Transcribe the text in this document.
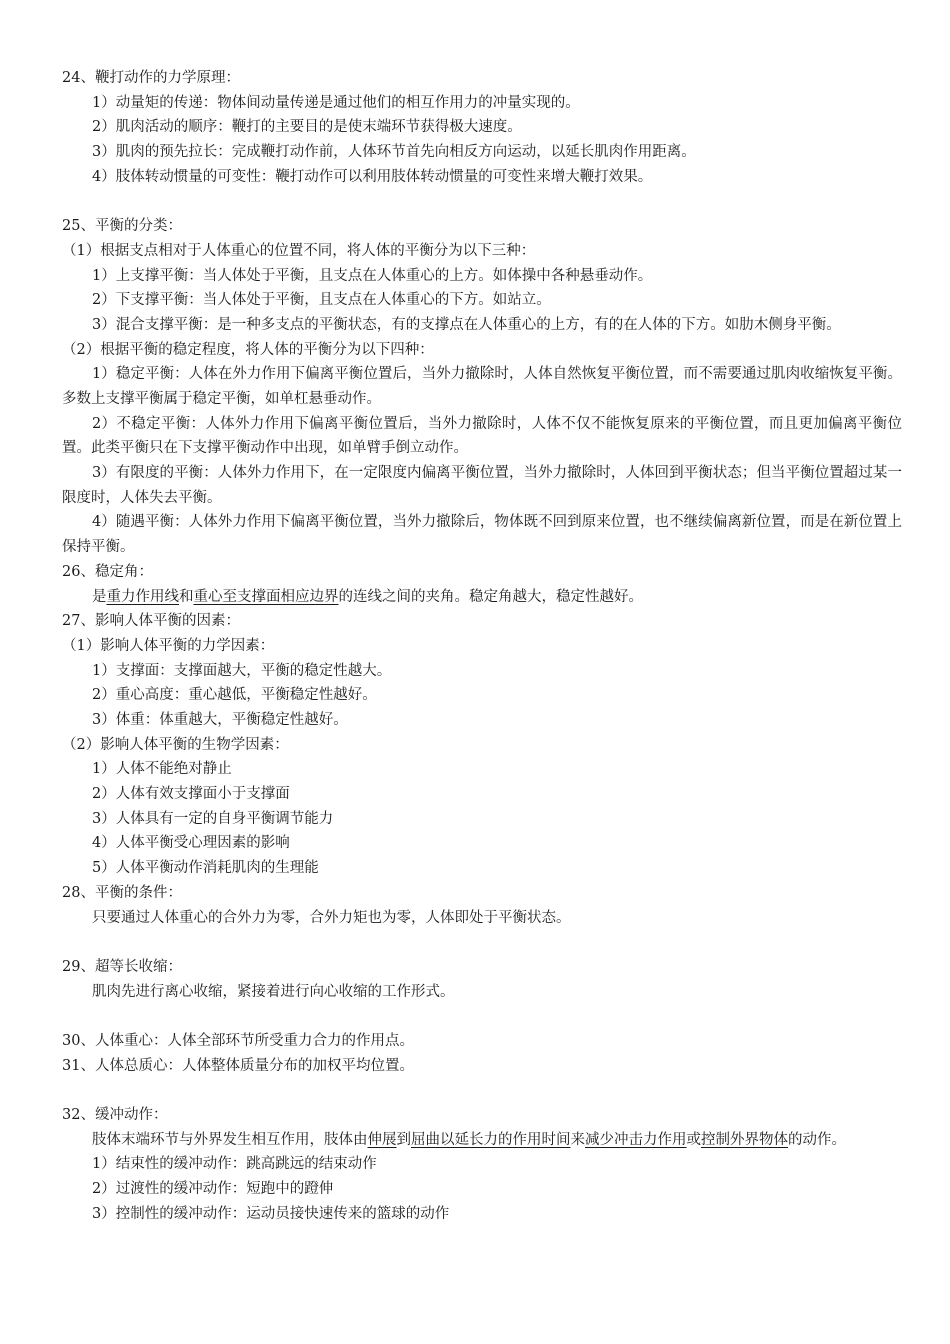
24、鞭打动作的力学原理：
1）动量矩的传递：物体间动量传递是通过他们的相互作用力的冲量实现的。
2）肌肉活动的顺序：鞭打的主要目的是使末端环节获得极大速度。
3）肌肉的预先拉长：完成鞭打动作前，人体环节首先向相反方向运动，以延长肌肉作用距离。
4）肢体转动惯量的可变性：鞭打动作可以利用肢体转动惯量的可变性来增大鞭打效果。
25、平衡的分类：
（1）根据支点相对于人体重心的位置不同，将人体的平衡分为以下三种：
1）上支撑平衡：当人体处于平衡，且支点在人体重心的上方。如体操中各种悬垂动作。
2）下支撑平衡：当人体处于平衡，且支点在人体重心的下方。如站立。
3）混合支撑平衡：是一种多支点的平衡状态，有的支撑点在人体重心的上方，有的在人体的下方。如肋木侧身平衡。
（2）根据平衡的稳定程度，将人体的平衡分为以下四种：
1）稳定平衡：人体在外力作用下偏离平衡位置后，当外力撤除时，人体自然恢复平衡位置，而不需要通过肌肉收缩恢复平衡。多数上支撑平衡属于稳定平衡，如单杠悬垂动作。
2）不稳定平衡：人体外力作用下偏离平衡位置后，当外力撤除时，人体不仅不能恢复原来的平衡位置，而且更加偏离平衡位置。此类平衡只在下支撑平衡动作中出现，如单臂手倒立动作。
3）有限度的平衡：人体外力作用下，在一定限度内偏离平衡位置，当外力撤除时，人体回到平衡状态；但当平衡位置超过某一限度时，人体失去平衡。
4）随遇平衡：人体外力作用下偏离平衡位置，当外力撤除后，物体既不回到原来位置，也不继续偏离新位置，而是在新位置上保持平衡。
26、稳定角：
是重力作用线和重心至支撑面相应边界的连线之间的夹角。稳定角越大，稳定性越好。
27、影响人体平衡的因素：
（1）影响人体平衡的力学因素：
1）支撑面：支撑面越大，平衡的稳定性越大。
2）重心高度：重心越低，平衡稳定性越好。
3）体重：体重越大，平衡稳定性越好。
（2）影响人体平衡的生物学因素：
1）人体不能绝对静止
2）人体有效支撑面小于支撑面
3）人体具有一定的自身平衡调节能力
4）人体平衡受心理因素的影响
5）人体平衡动作消耗肌肉的生理能
28、平衡的条件：
只要通过人体重心的合外力为零，合外力矩也为零，人体即处于平衡状态。
29、超等长收缩：
肌肉先进行离心收缩，紧接着进行向心收缩的工作形式。
30、人体重心：人体全部环节所受重力合力的作用点。
31、人体总质心：人体整体质量分布的加权平均位置。
32、缓冲动作：
肢体末端环节与外界发生相互作用，肢体由伸展到屈曲以延长力的作用时间来减少冲击力作用或控制外界物体的动作。
1）结束性的缓冲动作：跳高跳远的结束动作
2）过渡性的缓冲动作：短跑中的蹬伸
3）控制性的缓冲动作：运动员接快速传来的篮球的动作
